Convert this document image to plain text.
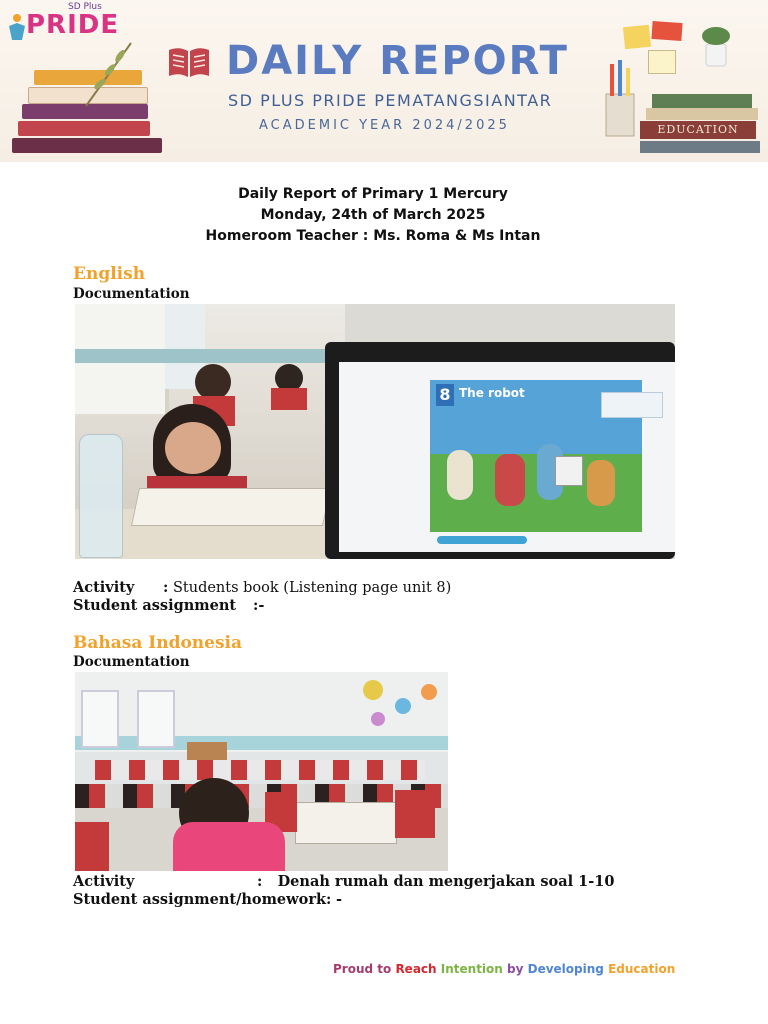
SD Plus
PRIDE
DAILY REPORT
SD PLUS PRIDE PEMATANGSIANTAR
ACADEMIC YEAR 2024/2025	EDUCATION
Daily Report of Primary 1 Mercury
Monday, 24th of March 2025
Homeroom Teacher : Ms. Roma & Ms Intan
English
Documentation
8 The robot
Activity : Students book (Listening page unit 8)
Student assignment :-
Bahasa Indonesia
Documentation
Activity	: Denah rumah dan mengerjakan soal 1-10
Student assignment/homework: -
Proud to Reach Intention by Developing Education
